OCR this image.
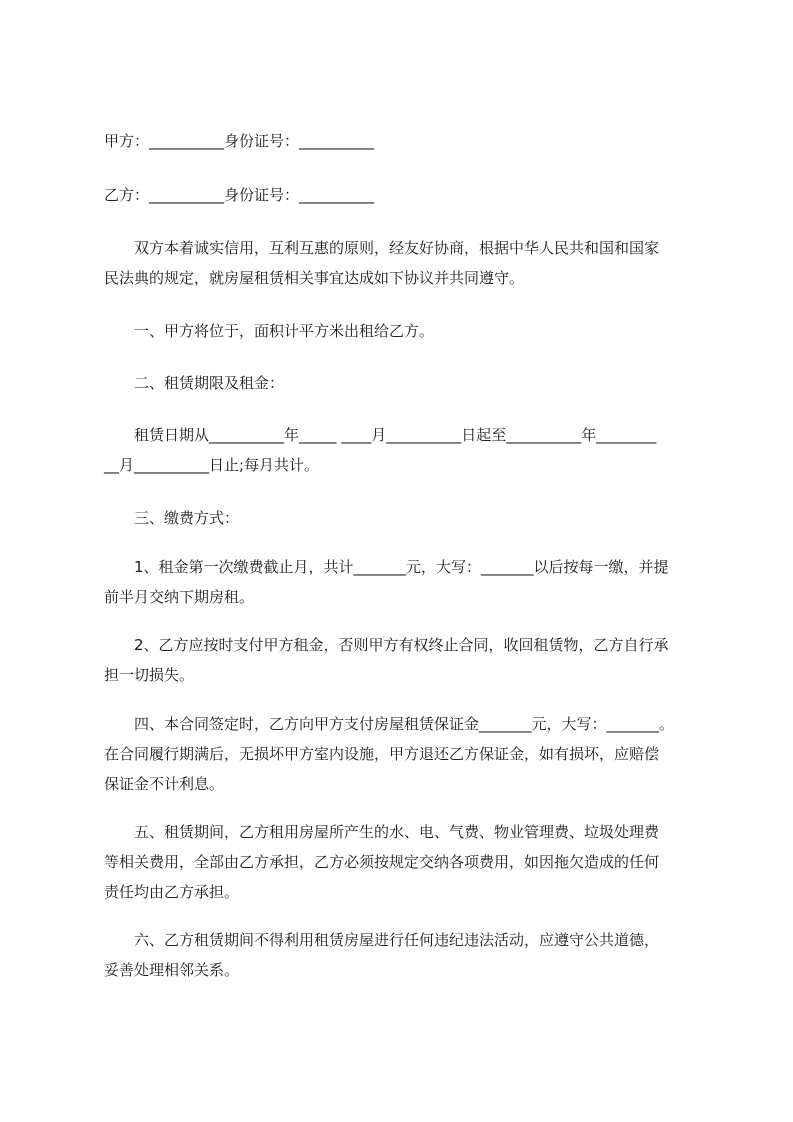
甲方：__________身份证号：__________
乙方：__________身份证号：__________
　　双方本着诚实信用，互利互惠的原则，经友好协商，根据中华人民共和国和国家
民法典的规定，就房屋租赁相关事宜达成如下协议并共同遵守。
　　一、甲方将位于，面积计平方米出租给乙方。
　　二、租赁期限及租金：
　　租赁日期从__________年_____ ____月__________日起至__________年________
__月__________日止;每月共计。
　　三、缴费方式：
　　1、租金第一次缴费截止月，共计_______元，大写：_______以后按每一缴，并提
前半月交纳下期房租。
　　2、乙方应按时支付甲方租金，否则甲方有权终止合同，收回租赁物，乙方自行承
担一切损失。
　　四、本合同签定时，乙方向甲方支付房屋租赁保证金_______元，大写：_______。
在合同履行期满后，无损坏甲方室内设施，甲方退还乙方保证金，如有损坏，应赔偿
保证金不计利息。
　　五、租赁期间，乙方租用房屋所产生的水、电、气费、物业管理费、垃圾处理费
等相关费用，全部由乙方承担，乙方必须按规定交纳各项费用，如因拖欠造成的任何
责任均由乙方承担。
　　六、乙方租赁期间不得利用租赁房屋进行任何违纪违法活动，应遵守公共道德，
妥善处理相邻关系。
